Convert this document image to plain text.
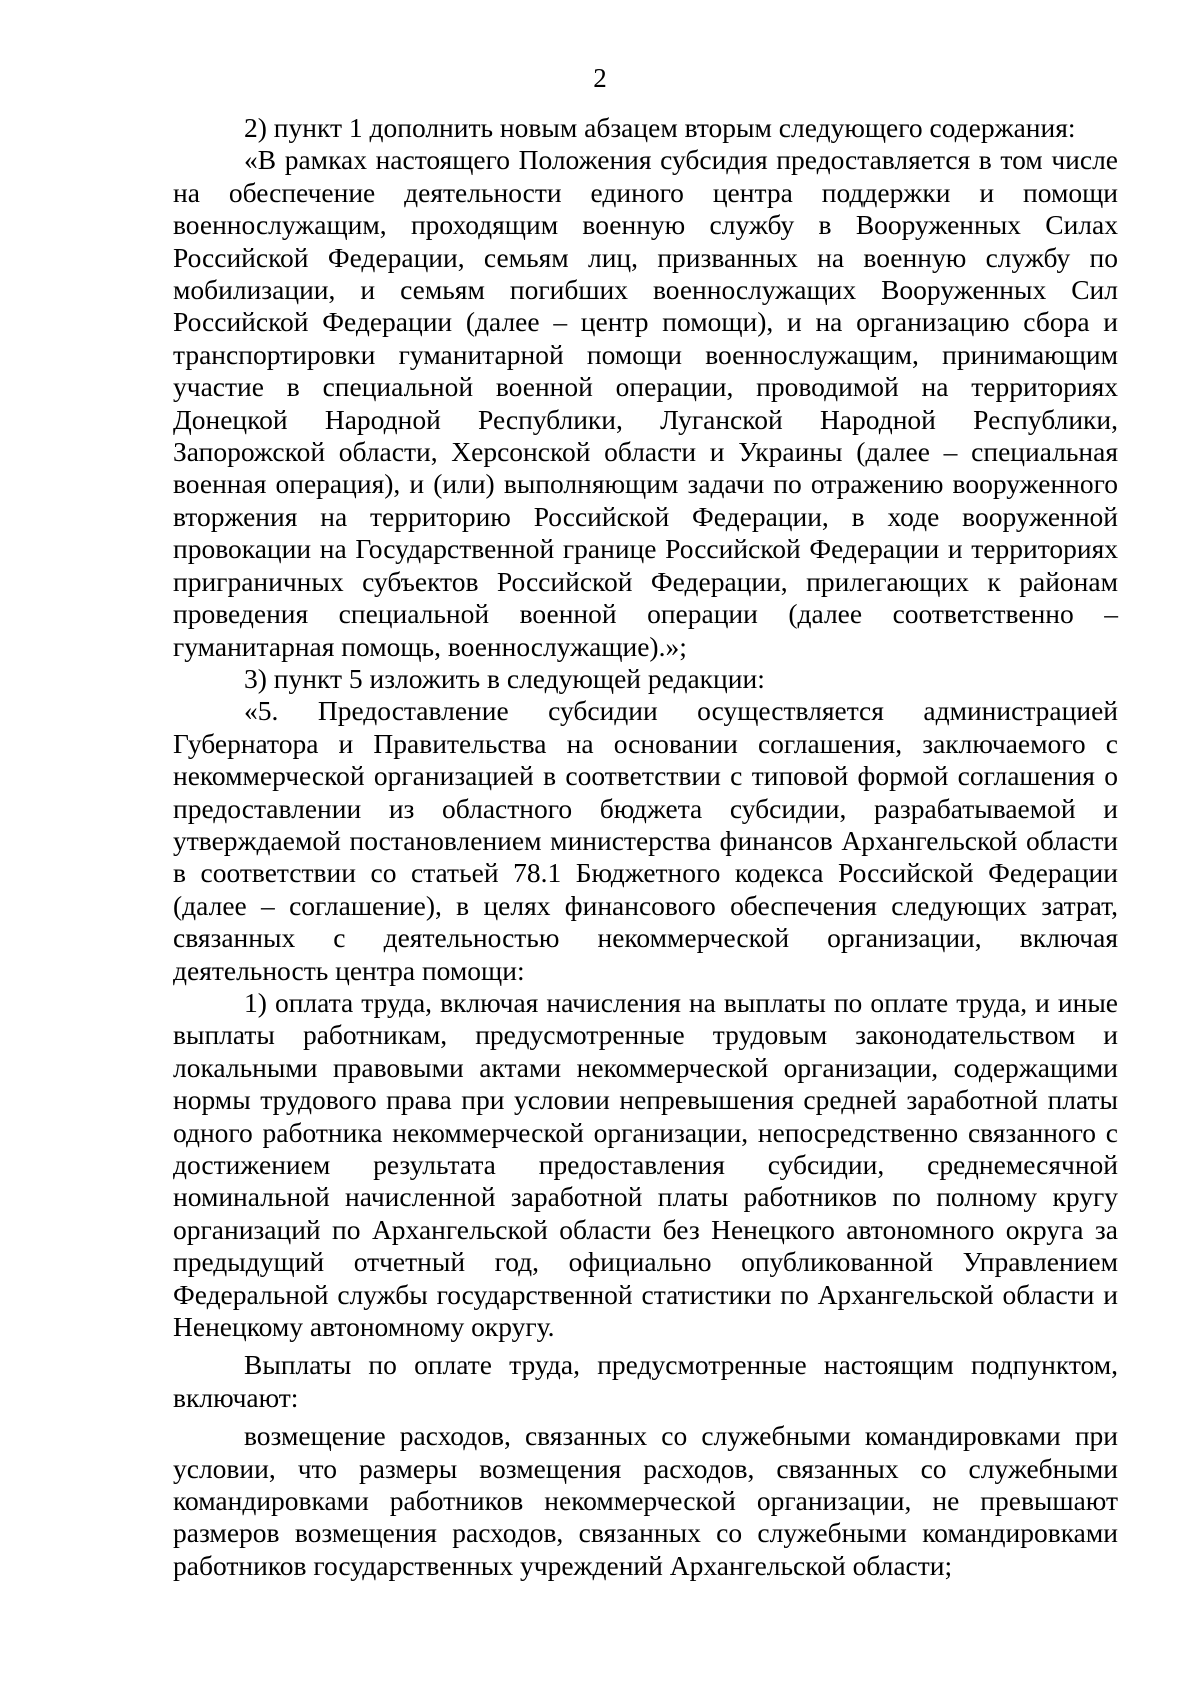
2

2) пункт 1 дополнить новым абзацем вторым следующего содержания:

«В рамках настоящего Положения субсидия предоставляется в том числе на обеспечение деятельности единого центра поддержки и помощи военнослужащим, проходящим военную службу в Вооруженных Силах Российской Федерации, семьям лиц, призванных на военную службу по мобилизации, и семьям погибших военнослужащих Вооруженных Сил Российской Федерации (далее – центр помощи), и на организацию сбора и транспортировки гуманитарной помощи военнослужащим, принимающим участие в специальной военной операции, проводимой на территориях Донецкой Народной Республики, Луганской Народной Республики, Запорожской области, Херсонской области и Украины (далее – специальная военная операция), и (или) выполняющим задачи по отражению вооруженного вторжения на территорию Российской Федерации, в ходе вооруженной провокации на Государственной границе Российской Федерации и территориях приграничных субъектов Российской Федерации, прилегающих к районам проведения специальной военной операции (далее соответственно – гуманитарная помощь, военнослужащие).»;

3) пункт 5 изложить в следующей редакции:

«5. Предоставление субсидии осуществляется администрацией Губернатора и Правительства на основании соглашения, заключаемого с некоммерческой организацией в соответствии с типовой формой соглашения о предоставлении из областного бюджета субсидии, разрабатываемой и утверждаемой постановлением министерства финансов Архангельской области в соответствии со статьей 78.1 Бюджетного кодекса Российской Федерации (далее – соглашение), в целях финансового обеспечения следующих затрат, связанных с деятельностью некоммерческой организации, включая деятельность центра помощи:

1) оплата труда, включая начисления на выплаты по оплате труда, и иные выплаты работникам, предусмотренные трудовым законодательством и локальными правовыми актами некоммерческой организации, содержащими нормы трудового права при условии непревышения средней заработной платы одного работника некоммерческой организации, непосредственно связанного с достижением результата предоставления субсидии, среднемесячной номинальной начисленной заработной платы работников по полному кругу организаций по Архангельской области без Ненецкого автономного округа за предыдущий отчетный год, официально опубликованной Управлением Федеральной службы государственной статистики по Архангельской области и Ненецкому автономному округу.

Выплаты по оплате труда, предусмотренные настоящим подпунктом, включают:

возмещение расходов, связанных со служебными командировками при условии, что размеры возмещения расходов, связанных со служебными командировками работников некоммерческой организации, не превышают размеров возмещения расходов, связанных со служебными командировками работников государственных учреждений Архангельской области;
